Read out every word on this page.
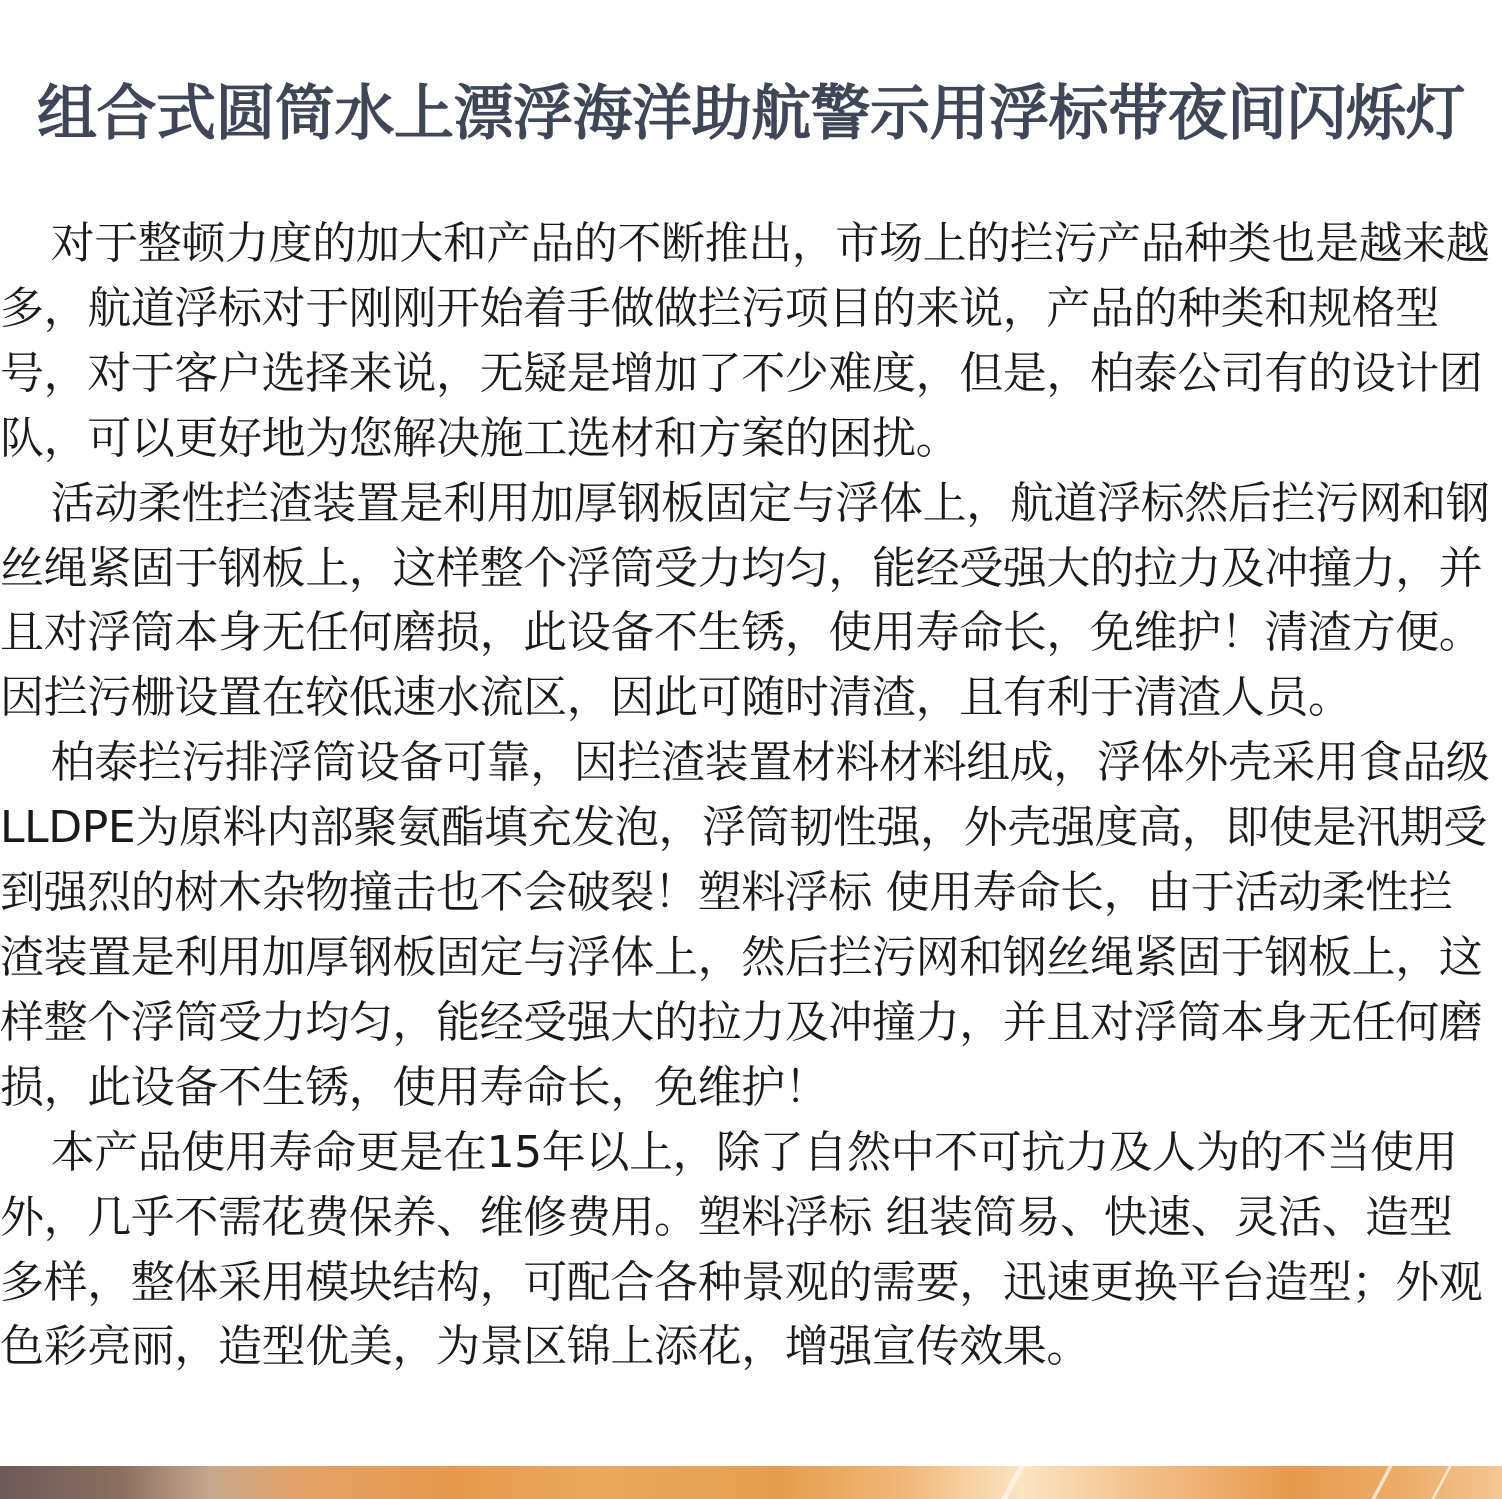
组合式圆筒水上漂浮海洋助航警示用浮标带夜间闪烁灯

对于整顿力度的加大和产品的不断推出，市场上的拦污产品种类也是越来越多，航道浮标对于刚刚开始着手做做拦污项目的来说，产品的种类和规格型号，对于客户选择来说，无疑是增加了不少难度，但是，柏泰公司有的设计团队，可以更好地为您解决施工选材和方案的困扰。

活动柔性拦渣装置是利用加厚钢板固定与浮体上，航道浮标然后拦污网和钢丝绳紧固于钢板上，这样整个浮筒受力均匀，能经受强大的拉力及冲撞力，并且对浮筒本身无任何磨损，此设备不生锈，使用寿命长，免维护！清渣方便。因拦污栅设置在较低速水流区，因此可随时清渣，且有利于清渣人员。

柏泰拦污排浮筒设备可靠，因拦渣装置材料材料组成，浮体外壳采用食品级LLDPE为原料内部聚氨酯填充发泡，浮筒韧性强，外壳强度高，即使是汛期受到强烈的树木杂物撞击也不会破裂！塑料浮标 使用寿命长，由于活动柔性拦渣装置是利用加厚钢板固定与浮体上，然后拦污网和钢丝绳紧固于钢板上，这样整个浮筒受力均匀，能经受强大的拉力及冲撞力，并且对浮筒本身无任何磨损，此设备不生锈，使用寿命长，免维护！

本产品使用寿命更是在15年以上，除了自然中不可抗力及人为的不当使用外，几乎不需花费保养、维修费用。塑料浮标 组装简易、快速、灵活、造型多样，整体采用模块结构，可配合各种景观的需要，迅速更换平台造型；外观色彩亮丽，造型优美，为景区锦上添花，增强宣传效果。
